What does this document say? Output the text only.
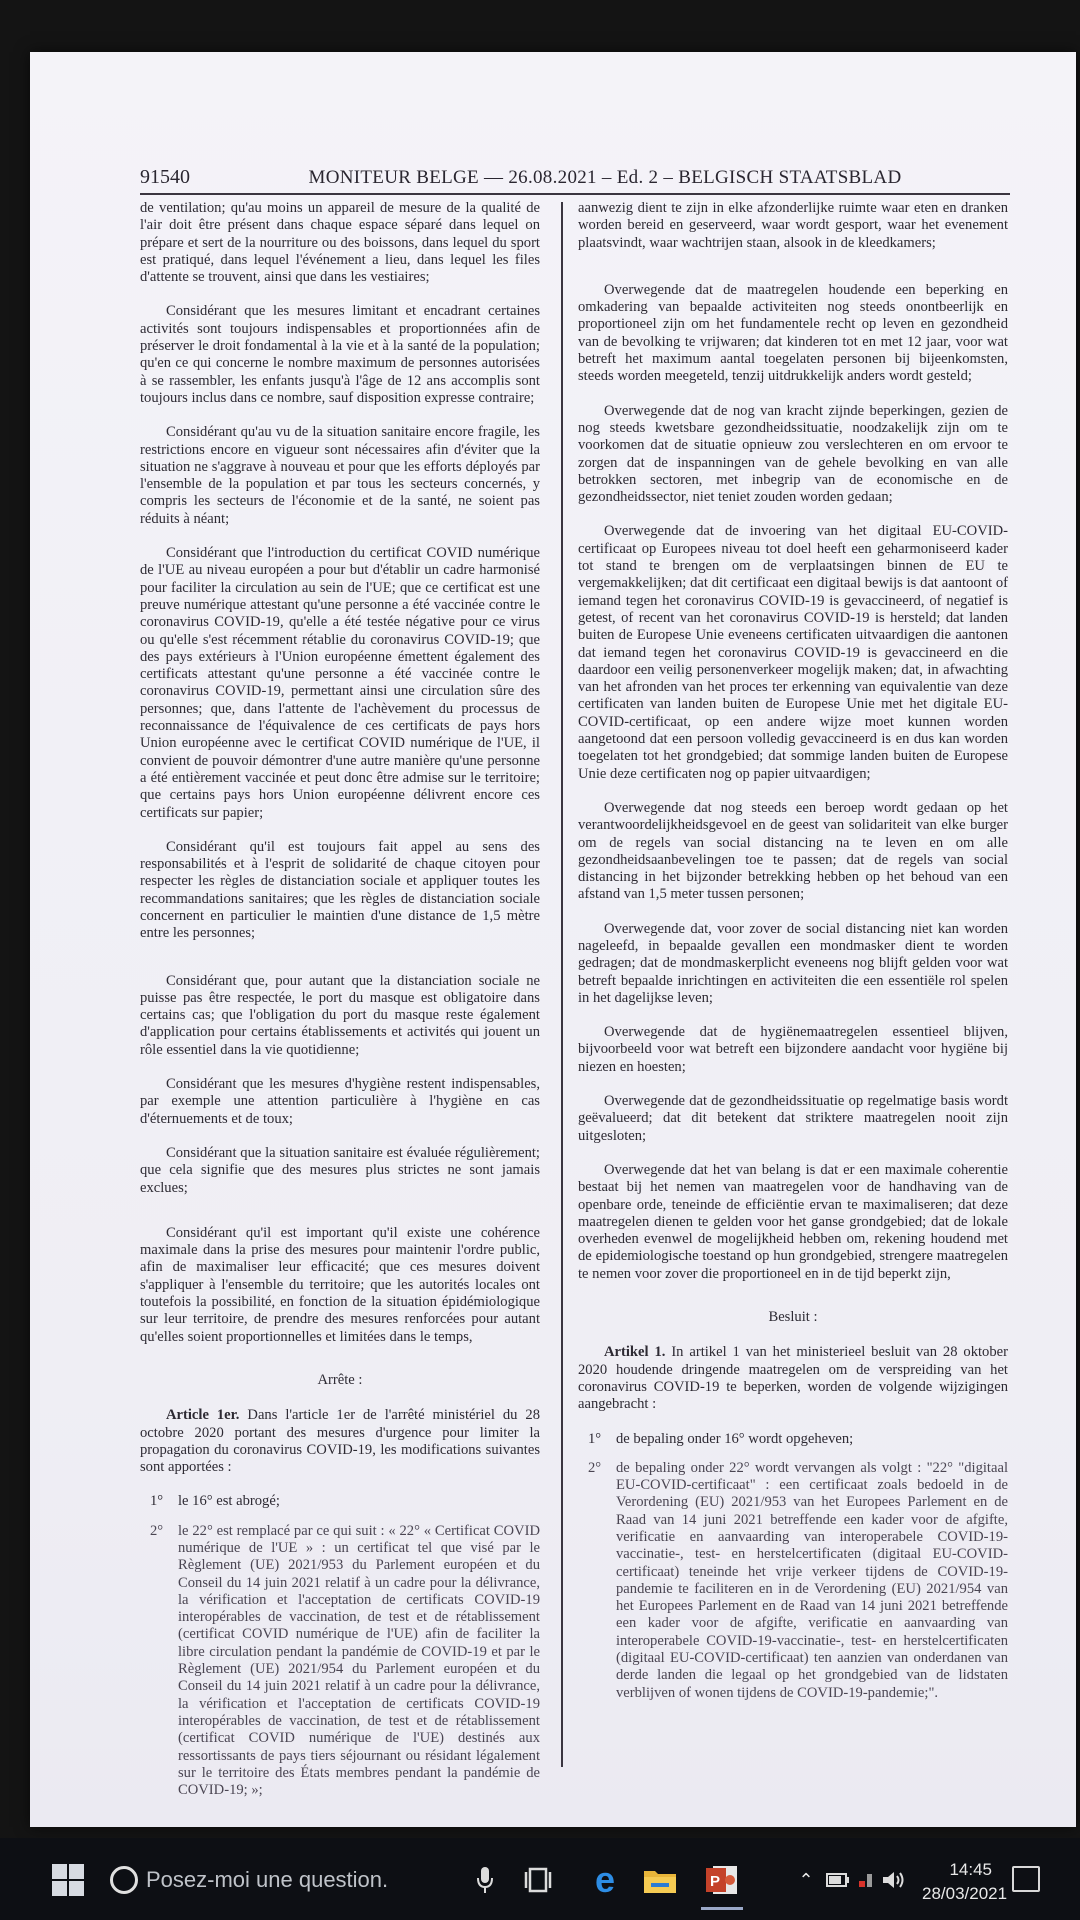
91540	MONITEUR BELGE — 26.08.2021 – Ed. 2 – BELGISCH STAATSBLAD

de ventilation; qu'au moins un appareil de mesure de la qualité de l'air doit être présent dans chaque espace séparé dans lequel on prépare et sert de la nourriture ou des boissons, dans lequel du sport est pratiqué, dans lequel l'événement a lieu, dans lequel les files d'attente se trouvent, ainsi que dans les vestiaires;

Considérant que les mesures limitant et encadrant certaines activités sont toujours indispensables et proportionnées afin de préserver le droit fondamental à la vie et à la santé de la population; qu'en ce qui concerne le nombre maximum de personnes autorisées à se rassembler, les enfants jusqu'à l'âge de 12 ans accomplis sont toujours inclus dans ce nombre, sauf disposition expresse contraire;

Considérant qu'au vu de la situation sanitaire encore fragile, les restrictions encore en vigueur sont nécessaires afin d'éviter que la situation ne s'aggrave à nouveau et pour que les efforts déployés par l'ensemble de la population et par tous les secteurs concernés, y compris les secteurs de l'économie et de la santé, ne soient pas réduits à néant;

Considérant que l'introduction du certificat COVID numérique de l'UE au niveau européen a pour but d'établir un cadre harmonisé pour faciliter la circulation au sein de l'UE; que ce certificat est une preuve numérique attestant qu'une personne a été vaccinée contre le coronavirus COVID-19, qu'elle a été testée négative pour ce virus ou qu'elle s'est récemment rétablie du coronavirus COVID-19; que des pays extérieurs à l'Union européenne émettent également des certificats attestant qu'une personne a été vaccinée contre le coronavirus COVID-19, permettant ainsi une circulation sûre des personnes; que, dans l'attente de l'achèvement du processus de reconnaissance de l'équivalence de ces certificats de pays hors Union européenne avec le certificat COVID numérique de l'UE, il convient de pouvoir démontrer d'une autre manière qu'une personne a été entièrement vaccinée et peut donc être admise sur le territoire; que certains pays hors Union européenne délivrent encore ces certificats sur papier;

Considérant qu'il est toujours fait appel au sens des responsabilités et à l'esprit de solidarité de chaque citoyen pour respecter les règles de distanciation sociale et appliquer toutes les recommandations sanitaires; que les règles de distanciation sociale concernent en particulier le maintien d'une distance de 1,5 mètre entre les personnes;

Considérant que, pour autant que la distanciation sociale ne puisse pas être respectée, le port du masque est obligatoire dans certains cas; que l'obligation du port du masque reste également d'application pour certains établissements et activités qui jouent un rôle essentiel dans la vie quotidienne;

Considérant que les mesures d'hygiène restent indispensables, par exemple une attention particulière à l'hygiène en cas d'éternuements et de toux;

Considérant que la situation sanitaire est évaluée régulièrement; que cela signifie que des mesures plus strictes ne sont jamais exclues;

Considérant qu'il est important qu'il existe une cohérence maximale dans la prise des mesures pour maintenir l'ordre public, afin de maximaliser leur efficacité; que ces mesures doivent s'appliquer à l'ensemble du territoire; que les autorités locales ont toutefois la possibilité, en fonction de la situation épidémiologique sur leur territoire, de prendre des mesures renforcées pour autant qu'elles soient proportionnelles et limitées dans le temps,

Arrête :

Article 1er. Dans l'article 1er de l'arrêté ministériel du 28 octobre 2020 portant des mesures d'urgence pour limiter la propagation du coronavirus COVID-19, les modifications suivantes sont apportées :

1°	le 16° est abrogé;
2°	le 22° est remplacé par ce qui suit : « 22° « Certificat COVID numérique de l'UE » : un certificat tel que visé par le Règlement (UE) 2021/953 du Parlement européen et du Conseil du 14 juin 2021 relatif à un cadre pour la délivrance, la vérification et l'acceptation de certificats COVID-19 interopérables de vaccination, de test et de rétablissement (certificat COVID numérique de l'UE) afin de faciliter la libre circulation pendant la pandémie de COVID-19 et par le Règlement (UE) 2021/954 du Parlement européen et du Conseil du 14 juin 2021 relatif à un cadre pour la délivrance, la vérification et l'acceptation de certificats COVID-19 interopérables de vaccination, de test et de rétablissement (certificat COVID numérique de l'UE) destinés aux ressortissants de pays tiers séjournant ou résidant légalement sur le territoire des États membres pendant la pandémie de COVID-19; »;

aanwezig dient te zijn in elke afzonderlijke ruimte waar eten en dranken worden bereid en geserveerd, waar wordt gesport, waar het evenement plaatsvindt, waar wachtrijen staan, alsook in de kleedkamers;

Overwegende dat de maatregelen houdende een beperking en omkadering van bepaalde activiteiten nog steeds onontbeerlijk en proportioneel zijn om het fundamentele recht op leven en gezondheid van de bevolking te vrijwaren; dat kinderen tot en met 12 jaar, voor wat betreft het maximum aantal toegelaten personen bij bijeenkomsten, steeds worden meegeteld, tenzij uitdrukkelijk anders wordt gesteld;

Overwegende dat de nog van kracht zijnde beperkingen, gezien de nog steeds kwetsbare gezondheidssituatie, noodzakelijk zijn om te voorkomen dat de situatie opnieuw zou verslechteren en om ervoor te zorgen dat de inspanningen van de gehele bevolking en van alle betrokken sectoren, met inbegrip van de economische en de gezondheidssector, niet teniet zouden worden gedaan;

Overwegende dat de invoering van het digitaal EU-COVID-certificaat op Europees niveau tot doel heeft een geharmoniseerd kader tot stand te brengen om de verplaatsingen binnen de EU te vergemakkelijken; dat dit certificaat een digitaal bewijs is dat aantoont of iemand tegen het coronavirus COVID-19 is gevaccineerd, of negatief is getest, of recent van het coronavirus COVID-19 is hersteld; dat landen buiten de Europese Unie eveneens certificaten uitvaardigen die aantonen dat iemand tegen het coronavirus COVID-19 is gevaccineerd en die daardoor een veilig personenverkeer mogelijk maken; dat, in afwachting van het afronden van het proces ter erkenning van equivalentie van deze certificaten van landen buiten de Europese Unie met het digitale EU-COVID-certificaat, op een andere wijze moet kunnen worden aangetoond dat een persoon volledig gevaccineerd is en dus kan worden toegelaten tot het grondgebied; dat sommige landen buiten de Europese Unie deze certificaten nog op papier uitvaardigen;

Overwegende dat nog steeds een beroep wordt gedaan op het verantwoordelijkheidsgevoel en de geest van solidariteit van elke burger om de regels van social distancing na te leven en om alle gezondheidsaanbevelingen toe te passen; dat de regels van social distancing in het bijzonder betrekking hebben op het behoud van een afstand van 1,5 meter tussen personen;

Overwegende dat, voor zover de social distancing niet kan worden nageleefd, in bepaalde gevallen een mondmasker dient te worden gedragen; dat de mondmaskerplicht eveneens nog blijft gelden voor wat betreft bepaalde inrichtingen en activiteiten die een essentiële rol spelen in het dagelijkse leven;

Overwegende dat de hygiënemaatregelen essentieel blijven, bijvoorbeeld voor wat betreft een bijzondere aandacht voor hygiëne bij niezen en hoesten;

Overwegende dat de gezondheidssituatie op regelmatige basis wordt geëvalueerd; dat dit betekent dat striktere maatregelen nooit zijn uitgesloten;

Overwegende dat het van belang is dat er een maximale coherentie bestaat bij het nemen van maatregelen voor de handhaving van de openbare orde, teneinde de efficiëntie ervan te maximaliseren; dat deze maatregelen dienen te gelden voor het ganse grondgebied; dat de lokale overheden evenwel de mogelijkheid hebben om, rekening houdend met de epidemiologische toestand op hun grondgebied, strengere maatregelen te nemen voor zover die proportioneel en in de tijd beperkt zijn,

Besluit :

Artikel 1. In artikel 1 van het ministerieel besluit van 28 oktober 2020 houdende dringende maatregelen om de verspreiding van het coronavirus COVID-19 te beperken, worden de volgende wijzigingen aangebracht :

1°	de bepaling onder 16° wordt opgeheven;
2°	de bepaling onder 22° wordt vervangen als volgt : "22° "digitaal EU-COVID-certificaat" : een certificaat zoals bedoeld in de Verordening (EU) 2021/953 van het Europees Parlement en de Raad van 14 juni 2021 betreffende een kader voor de afgifte, verificatie en aanvaarding van interoperabele COVID-19-vaccinatie-, test- en herstelcertificaten (digitaal EU-COVID-certificaat) teneinde het vrije verkeer tijdens de COVID-19-pandemie te faciliteren en in de Verordening (EU) 2021/954 van het Europees Parlement en de Raad van 14 juni 2021 betreffende een kader voor de afgifte, verificatie en aanvaarding van interoperabele COVID-19-vaccinatie-, test- en herstelcertificaten (digitaal EU-COVID-certificaat) ten aanzien van onderdanen van derde landen die legaal op het grondgebied van de lidstaten verblijven of wonen tijdens de COVID-19-pandemie;".
Posez-moi une question.	e	P	⌃	14:45
28/03/2021
